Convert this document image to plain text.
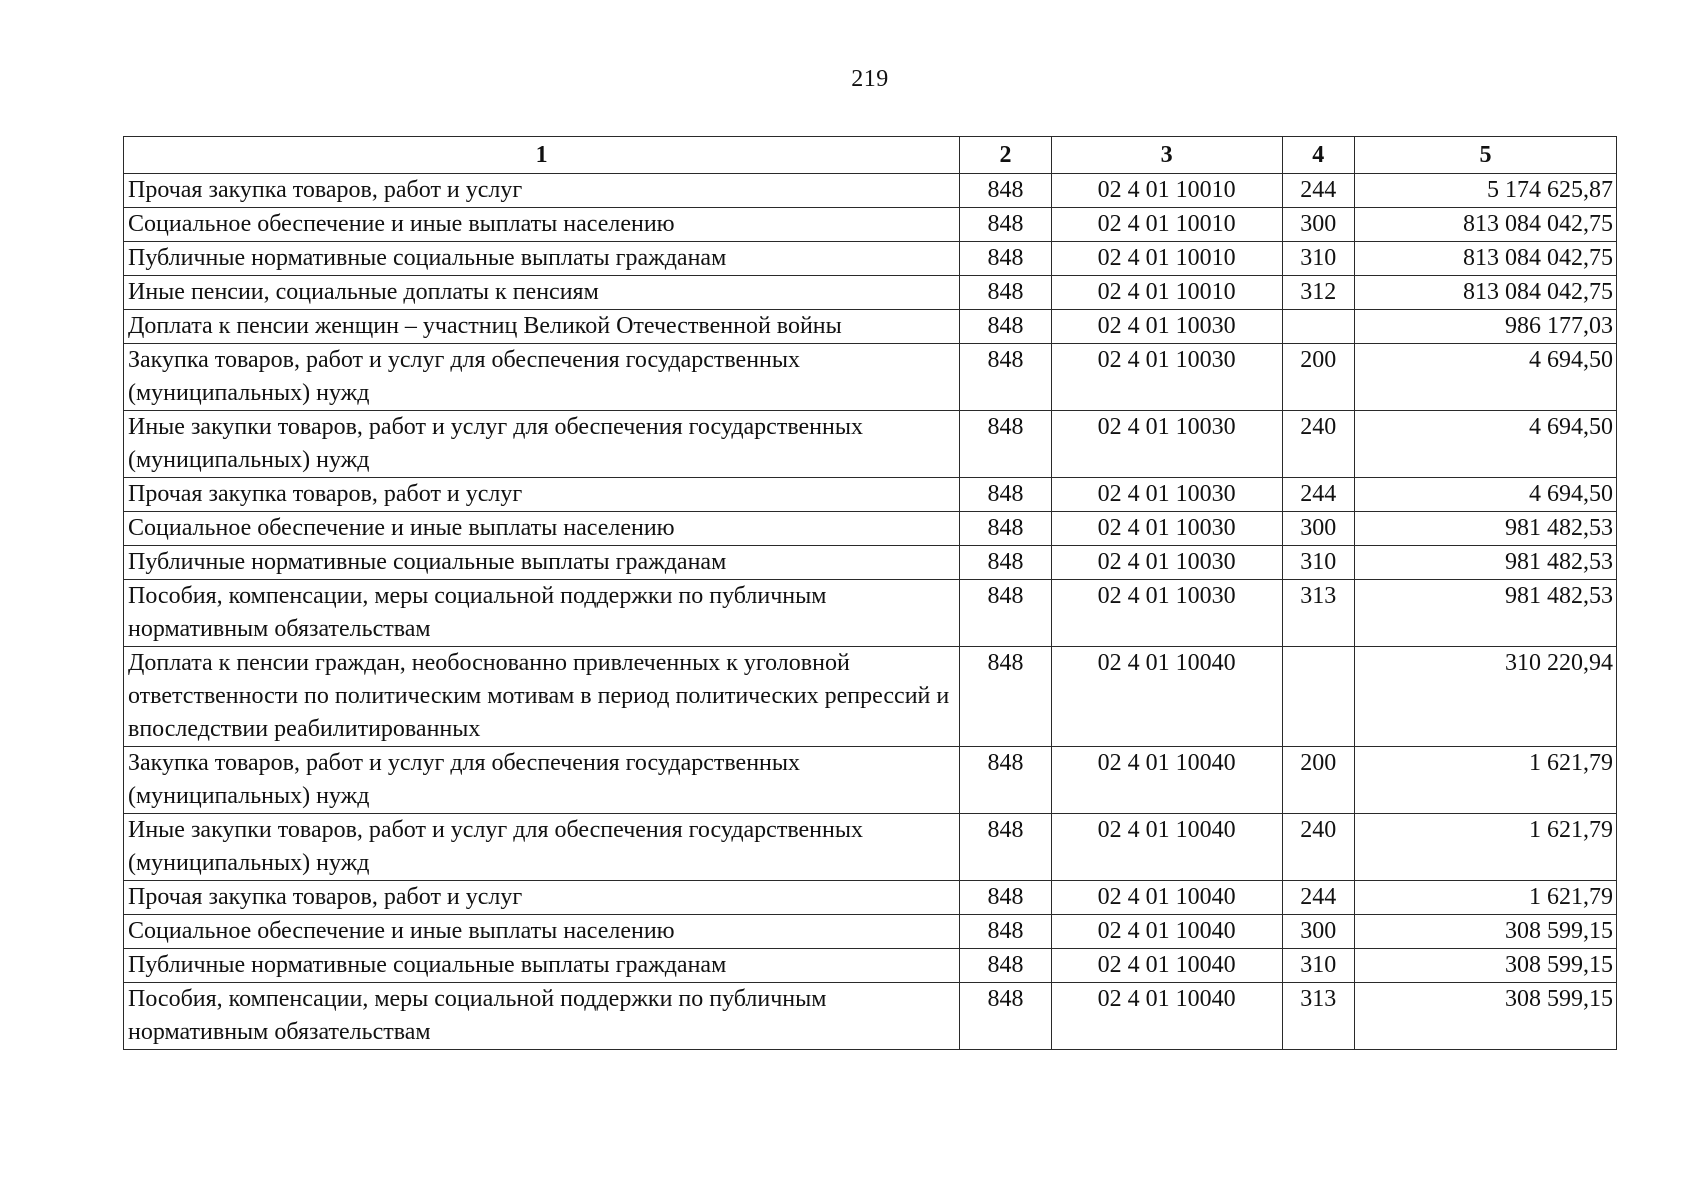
219
1	2	3	4	5
Прочая закупка товаров, работ и услуг	848	02 4 01 10010	244	5 174 625,87
Социальное обеспечение и иные выплаты населению	848	02 4 01 10010	300	813 084 042,75
Публичные нормативные социальные выплаты гражданам	848	02 4 01 10010	310	813 084 042,75
Иные пенсии, социальные доплаты к пенсиям	848	02 4 01 10010	312	813 084 042,75
Доплата к пенсии женщин – участниц Великой Отечественной войны	848	02 4 01 10030		986 177,03
Закупка товаров, работ и услуг для обеспечения государственных (муниципальных) нужд	848	02 4 01 10030	200	4 694,50
Иные закупки товаров, работ и услуг для обеспечения государственных (муниципальных) нужд	848	02 4 01 10030	240	4 694,50
Прочая закупка товаров, работ и услуг	848	02 4 01 10030	244	4 694,50
Социальное обеспечение и иные выплаты населению	848	02 4 01 10030	300	981 482,53
Публичные нормативные социальные выплаты гражданам	848	02 4 01 10030	310	981 482,53
Пособия, компенсации, меры социальной поддержки по публичным нормативным обязательствам	848	02 4 01 10030	313	981 482,53
Доплата к пенсии граждан, необоснованно привлеченных к уголовной ответственности по политическим мотивам в период политических репрессий и впоследствии реабилитированных	848	02 4 01 10040		310 220,94
Закупка товаров, работ и услуг для обеспечения государственных (муниципальных) нужд	848	02 4 01 10040	200	1 621,79
Иные закупки товаров, работ и услуг для обеспечения государственных (муниципальных) нужд	848	02 4 01 10040	240	1 621,79
Прочая закупка товаров, работ и услуг	848	02 4 01 10040	244	1 621,79
Социальное обеспечение и иные выплаты населению	848	02 4 01 10040	300	308 599,15
Публичные нормативные социальные выплаты гражданам	848	02 4 01 10040	310	308 599,15
Пособия, компенсации, меры социальной поддержки по публичным нормативным обязательствам	848	02 4 01 10040	313	308 599,15
